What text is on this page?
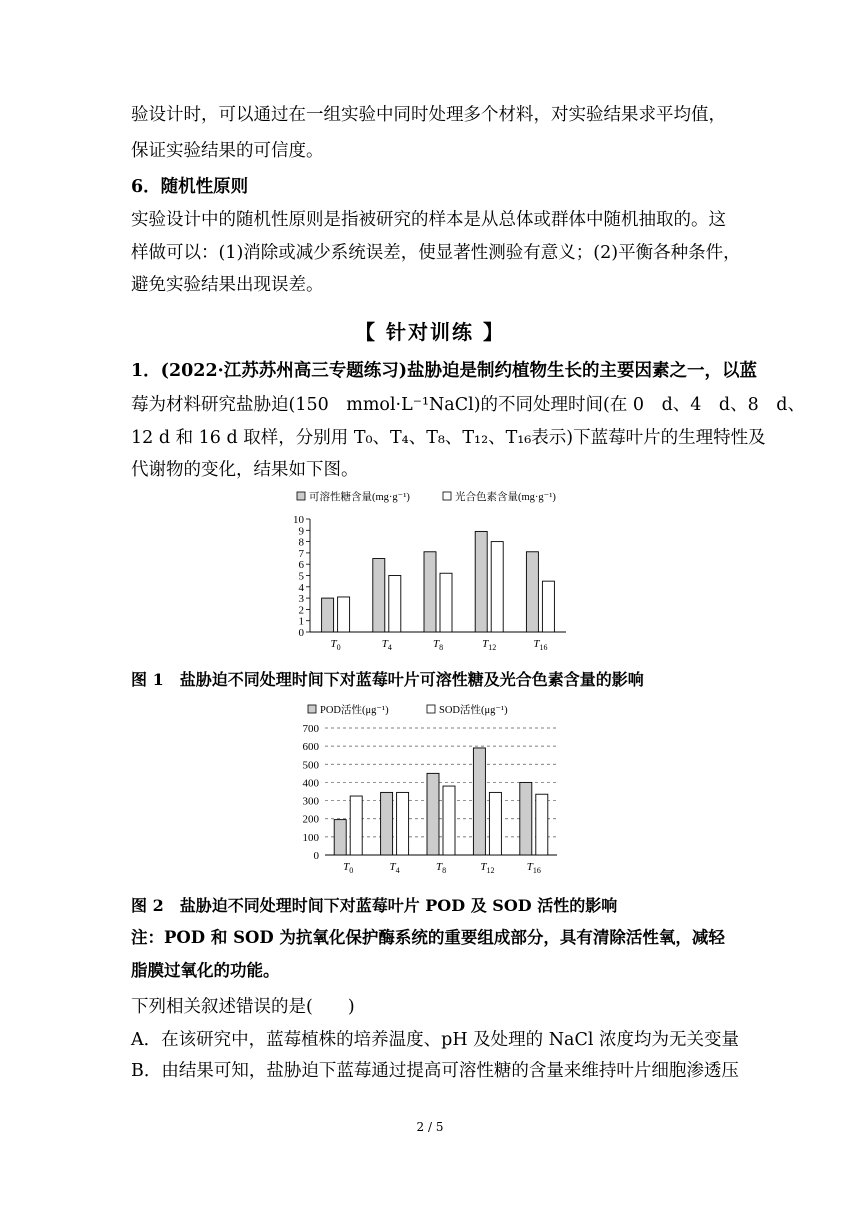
验设计时，可以通过在一组实验中同时处理多个材料，对实验结果求平均值，
保证实验结果的可信度。
6．随机性原则
实验设计中的随机性原则是指被研究的样本是从总体或群体中随机抽取的。这
样做可以：(1)消除或减少系统误差，使显著性测验有意义；(2)平衡各种条件，
避免实验结果出现误差。
【 针对训练 】
1．(2022·江苏苏州高三专题练习)盐胁迫是制约植物生长的主要因素之一，以蓝
莓为材料研究盐胁迫(150　mmol·L⁻¹NaCl)的不同处理时间(在 0　d、4　d、8　d、
12 d 和 16 d 取样，分别用 T₀、T₄、T₈、T₁₂、T₁₆表示)下蓝莓叶片的生理特性及
代谢物的变化，结果如下图。
可溶性糖含量(mg·g⁻¹)	光合色素含量(mg·g⁻¹)
0
1
2
3
4
5
6
7
8
9
10
$T_0$	$T_4$	$T_8$	$T_{12}$	$T_{16}$
图 1　盐胁迫不同处理时间下对蓝莓叶片可溶性糖及光合色素含量的影响
POD活性(μg⁻¹)	SOD活性(μg⁻¹)
0
100
200
300
400
500
600
700
$T_0$	$T_4$	$T_8$	$T_{12}$	$T_{16}$
图 2　盐胁迫不同处理时间下对蓝莓叶片 POD 及 SOD 活性的影响
注：POD 和 SOD 为抗氧化保护酶系统的重要组成部分，具有清除活性氧，减轻
脂膜过氧化的功能。
下列相关叙述错误的是(　　)
A．在该研究中，蓝莓植株的培养温度、pH 及处理的 NaCl 浓度均为无关变量
B．由结果可知，盐胁迫下蓝莓通过提高可溶性糖的含量来维持叶片细胞渗透压
2 / 5
